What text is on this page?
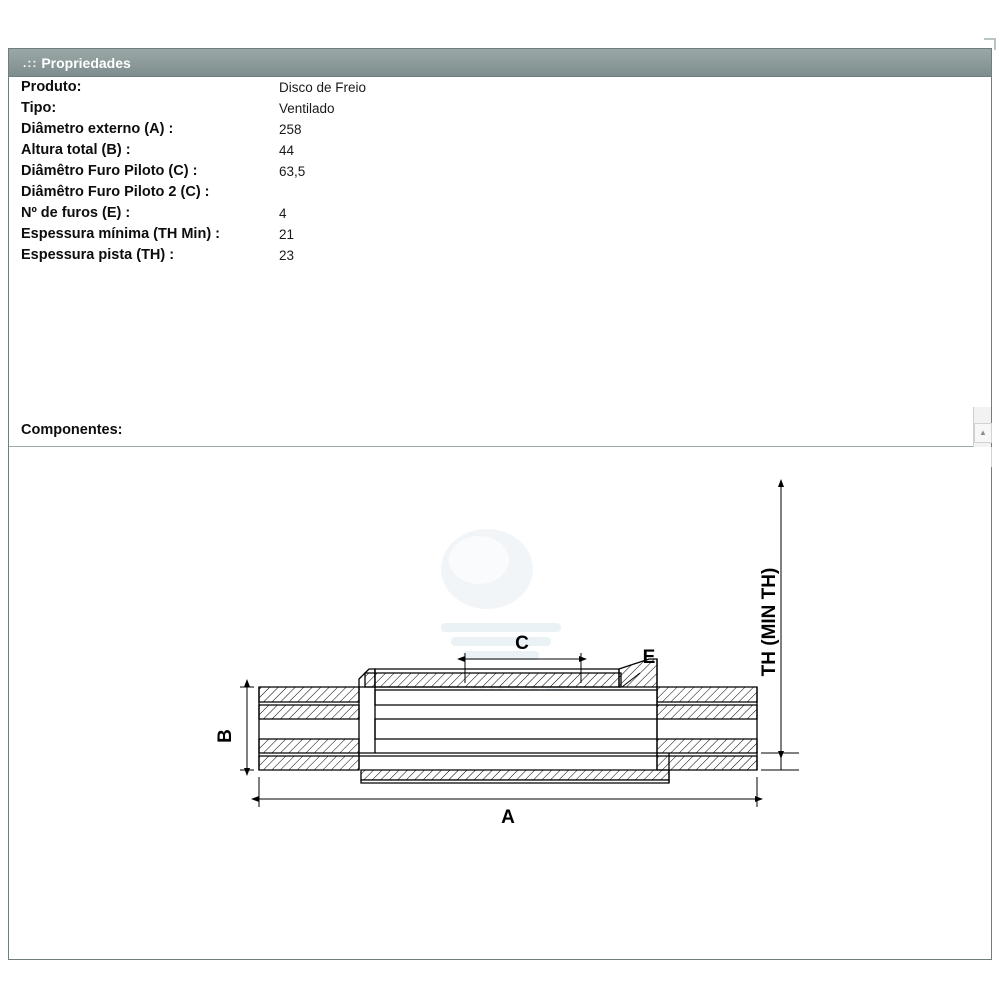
.:: Propriedades
Produto:	Disco de Freio
Tipo:	Ventilado
Diâmetro externo (A) :	258
Altura total (B) :	44
Diâmêtro Furo Piloto (C) :	63,5
Diâmêtro Furo Piloto 2 (C) :
Nº de furos (E) :	4
Espessura mínima (TH Min) :	21
Espessura pista (TH) :	23
Componentes:	▲
MDS
B
A
C
E	TH (MIN TH)
